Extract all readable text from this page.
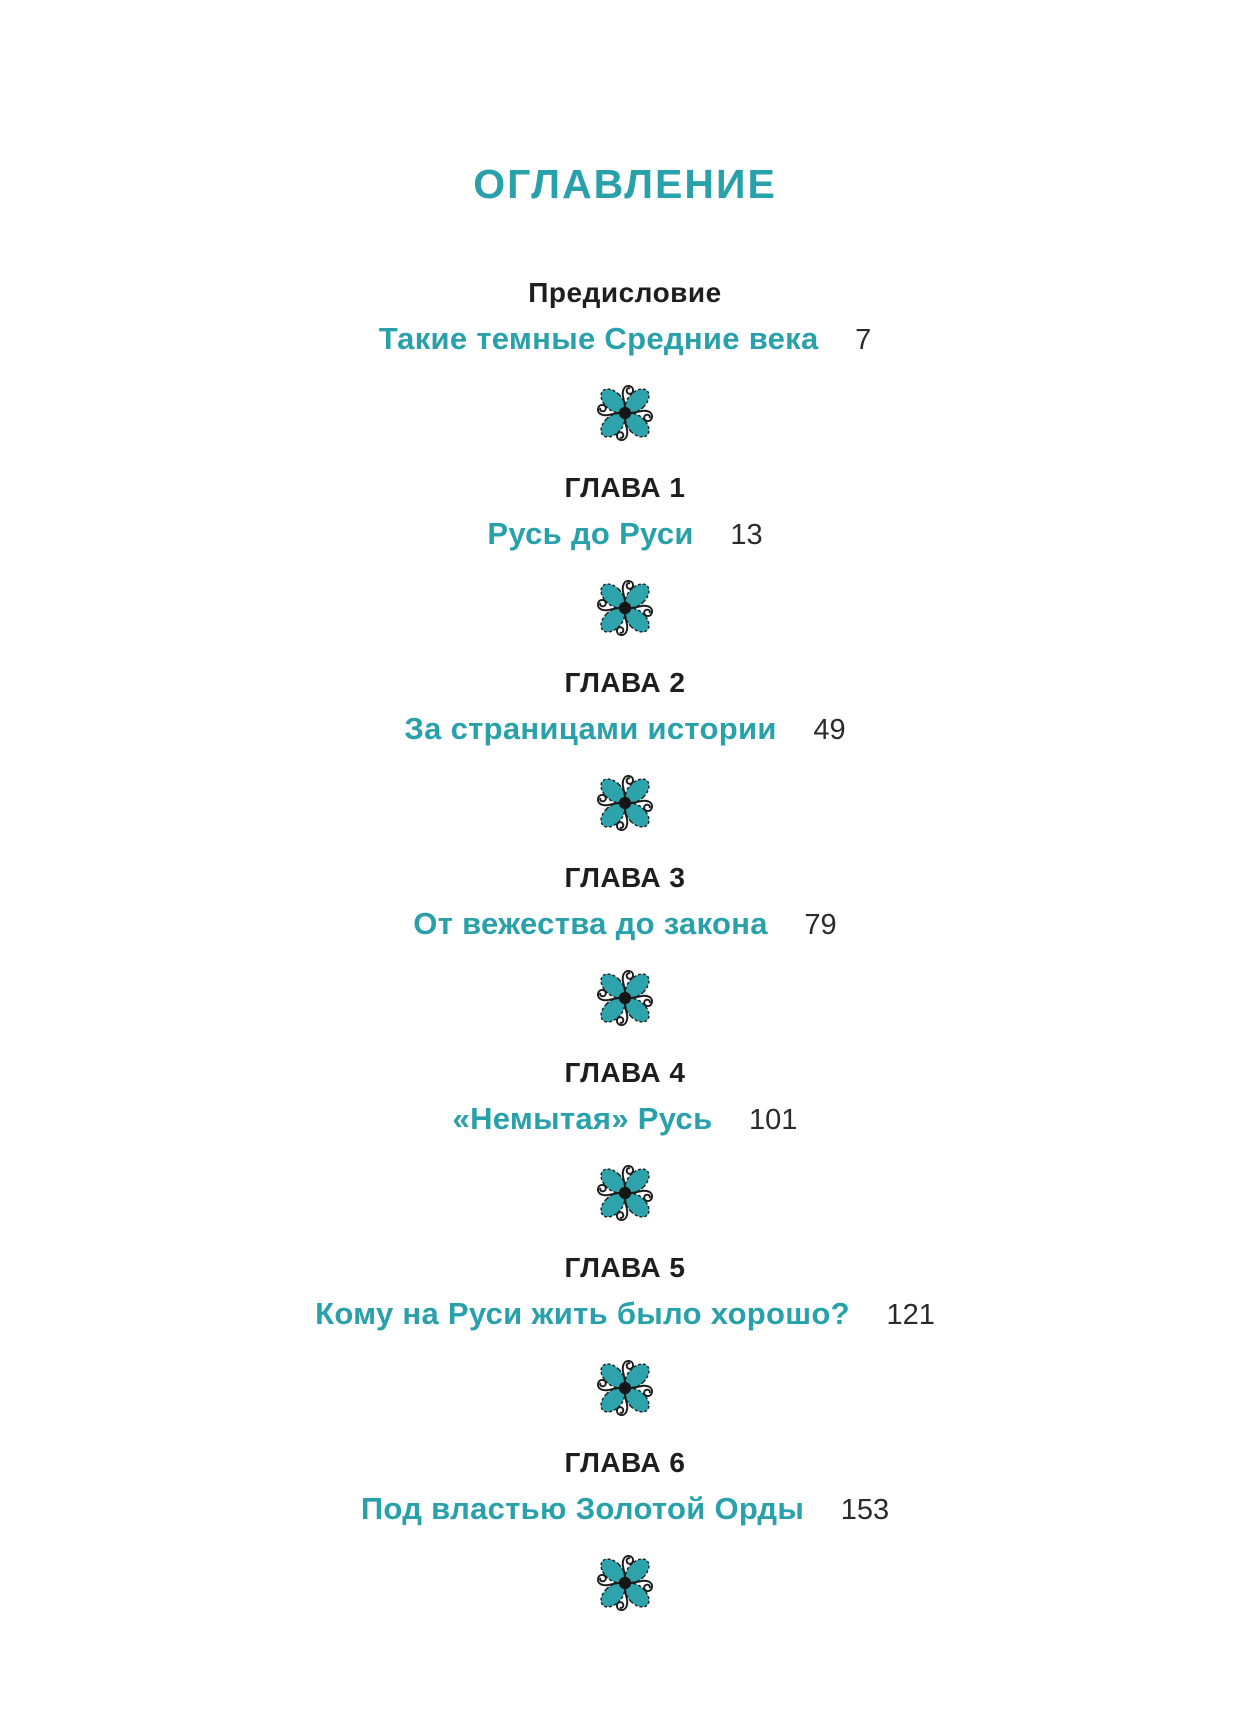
ОГЛАВЛЕНИЕ
Предисловие
Такие темные Средние века 7
ГЛАВА 1
Русь до Руси 13
ГЛАВА 2
За страницами истории 49
ГЛАВА 3
От вежества до закона 79
ГЛАВА 4
«Немытая» Русь 101
ГЛАВА 5
Кому на Руси жить было хорошо? 121
ГЛАВА 6
Под властью Золотой Орды 153
